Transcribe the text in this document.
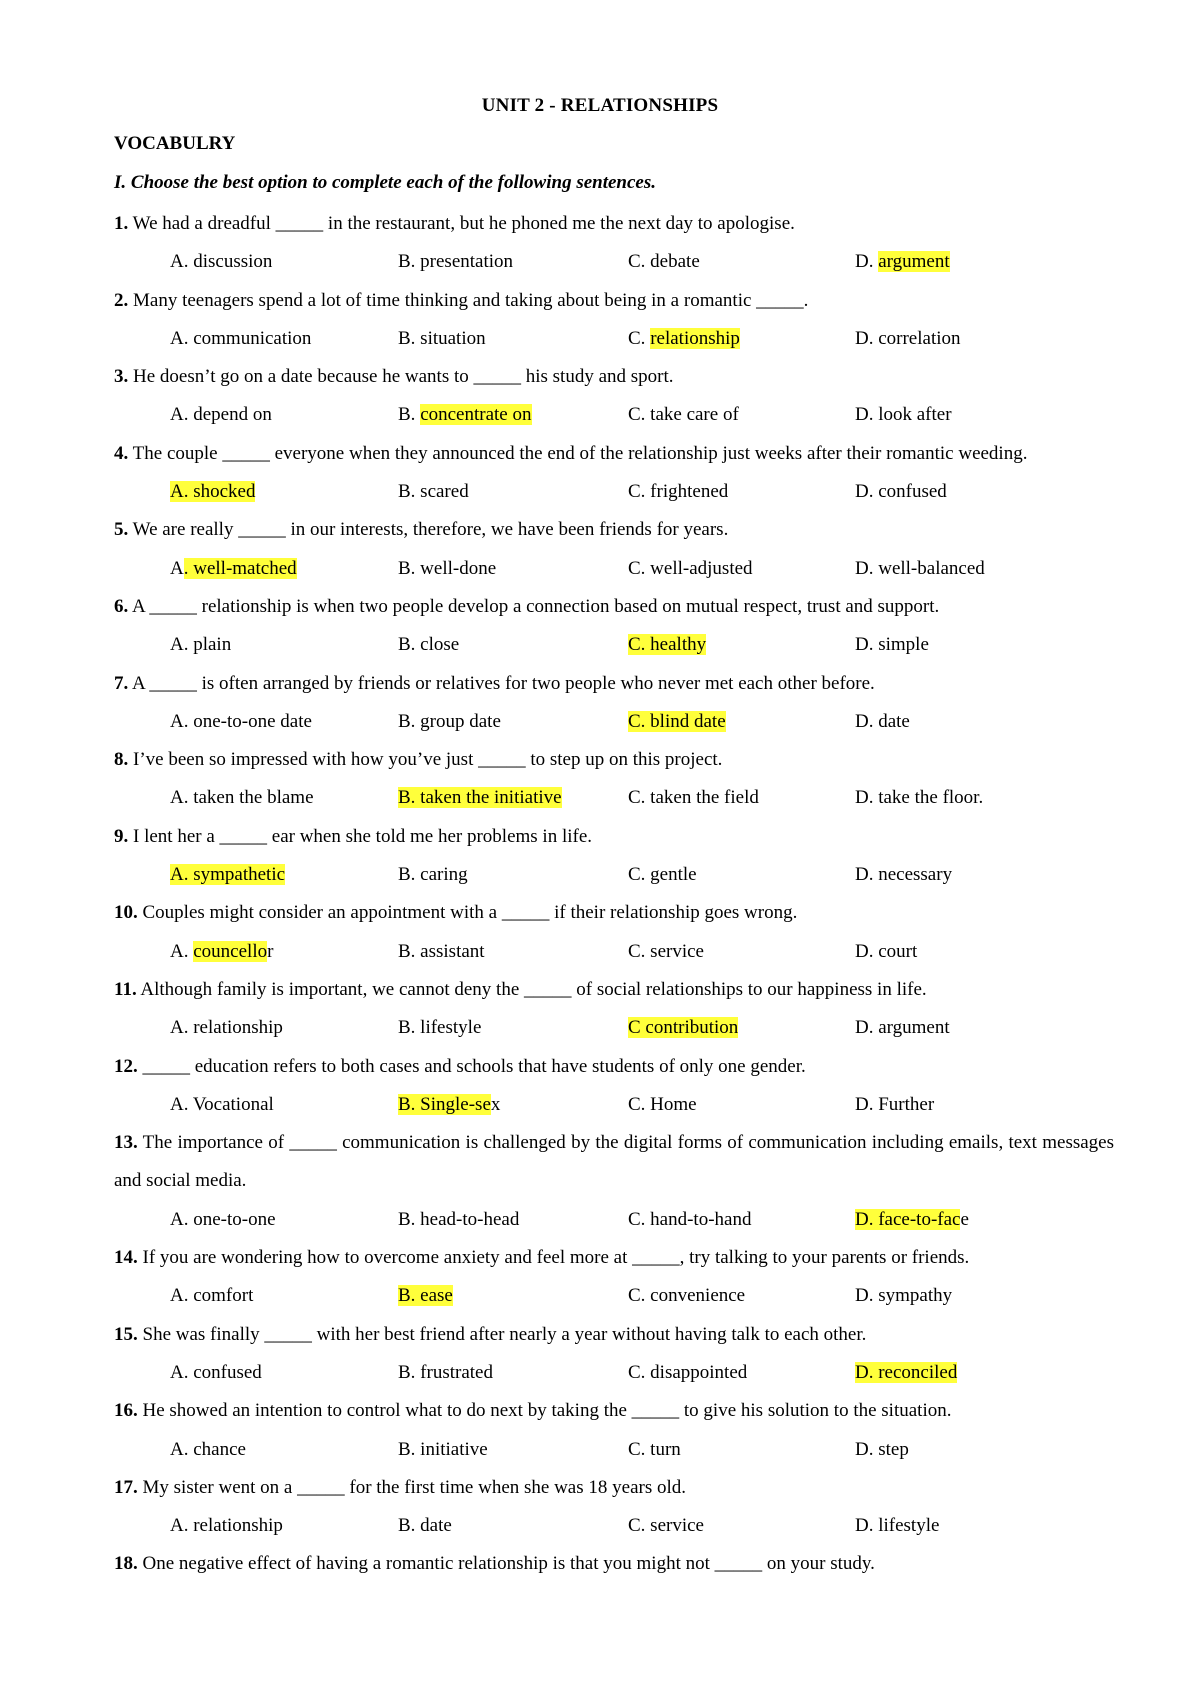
UNIT 2 - RELATIONSHIPS
VOCABULRY
I. Choose the best option to complete each of the following sentences.
1. We had a dreadful _____ in the restaurant, but he phoned me the next day to apologise.
A. discussion	B. presentation	C. debate	D. argument
2. Many teenagers spend a lot of time thinking and taking about being in a romantic _____.
A. communication	B. situation	C. relationship	D. correlation
3. He doesn’t go on a date because he wants to _____ his study and sport.
A. depend on	B. concentrate on	C. take care of	D. look after
4. The couple _____ everyone when they announced the end of the relationship just weeks after their romantic weeding.
A. shocked	B. scared	C. frightened	D. confused
5. We are really _____ in our interests, therefore, we have been friends for years.
A. well-matched	B. well-done	C. well-adjusted	D. well-balanced
6. A _____ relationship is when two people develop a connection based on mutual respect, trust and support.
A. plain	B. close	C. healthy	D. simple
7. A _____ is often arranged by friends or relatives for two people who never met each other before.
A. one-to-one date	B. group date	C. blind date	D. date
8. I’ve been so impressed with how you’ve just _____ to step up on this project.
A. taken the blame	B. taken the initiative	C. taken the field	D. take the floor.
9. I lent her a _____ ear when she told me her problems in life.
A. sympathetic	B. caring	C. gentle	D. necessary
10. Couples might consider an appointment with a _____ if their relationship goes wrong.
A. councellor	B. assistant	C. service	D. court
11. Although family is important, we cannot deny the _____ of social relationships to our happiness in life.
A. relationship	B. lifestyle	C contribution	D. argument
12. _____ education refers to both cases and schools that have students of only one gender.
A. Vocational	B. Single-sex	C. Home	D. Further
13. The importance of _____ communication is challenged by the digital forms of communication including emails, text messages and social media.
A. one-to-one	B. head-to-head	C. hand-to-hand	D. face-to-face
14. If you are wondering how to overcome anxiety and feel more at _____, try talking to your parents or friends.
A. comfort	B. ease	C. convenience	D. sympathy
15. She was finally _____ with her best friend after nearly a year without having talk to each other.
A. confused	B. frustrated	C. disappointed	D. reconciled
16. He showed an intention to control what to do next by taking the _____ to give his solution to the situation.
A. chance	B. initiative	C. turn	D. step
17. My sister went on a _____ for the first time when she was 18 years old.
A. relationship	B. date	C. service	D. lifestyle
18. One negative effect of having a romantic relationship is that you might not _____ on your study.
